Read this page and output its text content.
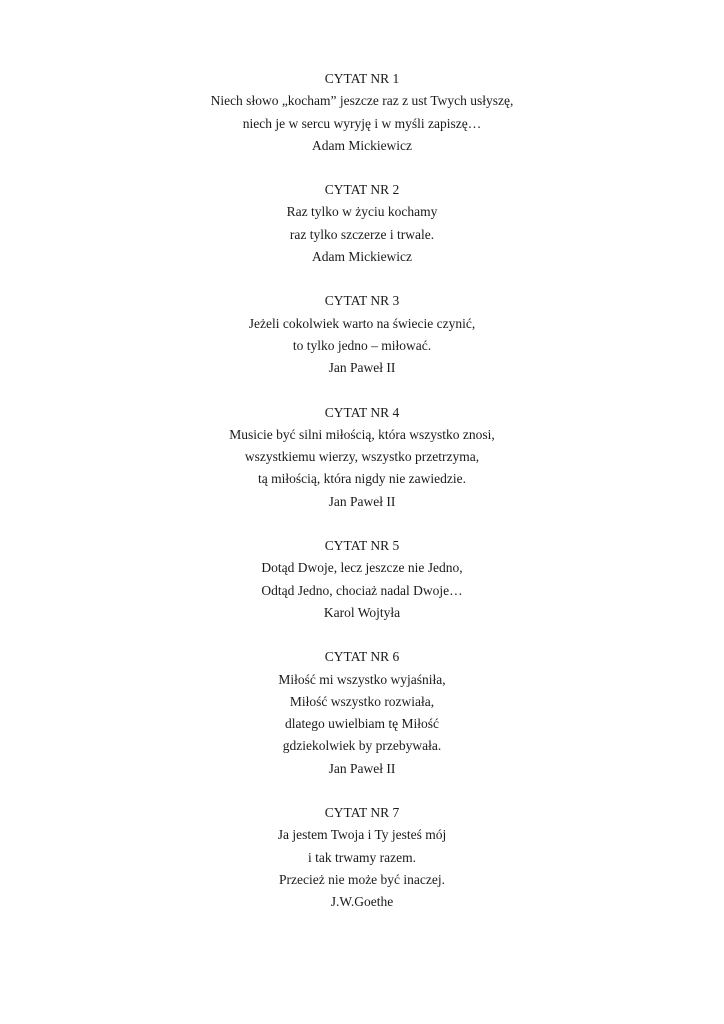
CYTAT NR 1
Niech słowo „kocham” jeszcze raz z ust Twych usłyszę,
niech je w sercu wyryję i w myśli zapiszę…
Adam Mickiewicz
CYTAT NR 2
Raz tylko w życiu kochamy
raz tylko szczerze i trwale.
Adam Mickiewicz
CYTAT NR 3
Jeżeli cokolwiek warto na świecie czynić,
to tylko jedno – miłować.
Jan Paweł II
CYTAT NR 4
Musicie być silni miłością, która wszystko znosi,
wszystkiemu wierzy, wszystko przetrzyma,
tą miłością, która nigdy nie zawiedzie.
Jan Paweł II
CYTAT NR 5
Dotąd Dwoje, lecz jeszcze nie Jedno,
Odtąd Jedno, chociaż nadal Dwoje…
Karol Wojtyła
CYTAT NR 6
Miłość mi wszystko wyjaśniła,
Miłość wszystko rozwiała,
dlatego uwielbiam tę Miłość
gdziekolwiek by przebywała.
Jan Paweł II
CYTAT NR 7
Ja jestem Twoja i Ty jesteś mój
i tak trwamy razem.
Przecież nie może być inaczej.
J.W.Goethe
